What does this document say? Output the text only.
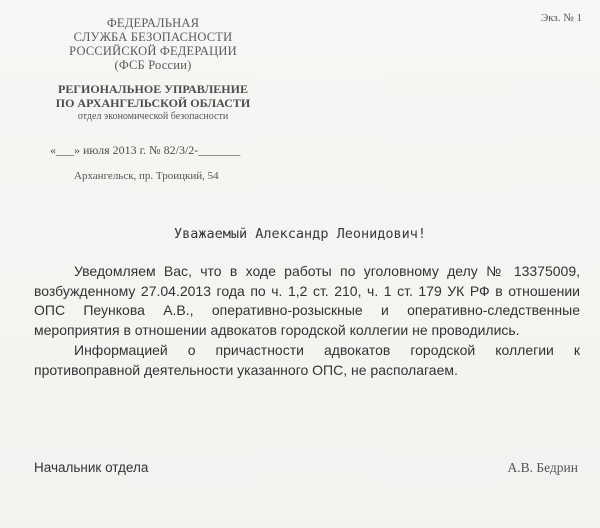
Экз. № 1
ФЕДЕРАЛЬНАЯ
СЛУЖБА БЕЗОПАСНОСТИ
РОССИЙСКОЙ ФЕДЕРАЦИИ
(ФСБ России)
РЕГИОНАЛЬНОЕ УПРАВЛЕНИЕ
ПО АРХАНГЕЛЬСКОЙ ОБЛАСТИ
отдел экономической безопасности
«___» июля 2013 г. № 82/3/2-_______
Архангельск, пр. Троицкий, 54
Уважаемый Александр Леонидович!

Уведомляем Вас, что в ходе работы по уголовному делу № 13375009, возбужденному 27.04.2013 года по ч. 1,2 ст. 210, ч. 1 ст. 179 УК РФ в отношении ОПС Пеункова А.В., оперативно-розыскные и оперативно-следственные мероприятия в отношении адвокатов городской коллегии не проводились.

Информацией о причастности адвокатов городской коллегии к противоправной деятельности указанного ОПС, не располагаем.

Начальник отдела	А.В. Бедрин
